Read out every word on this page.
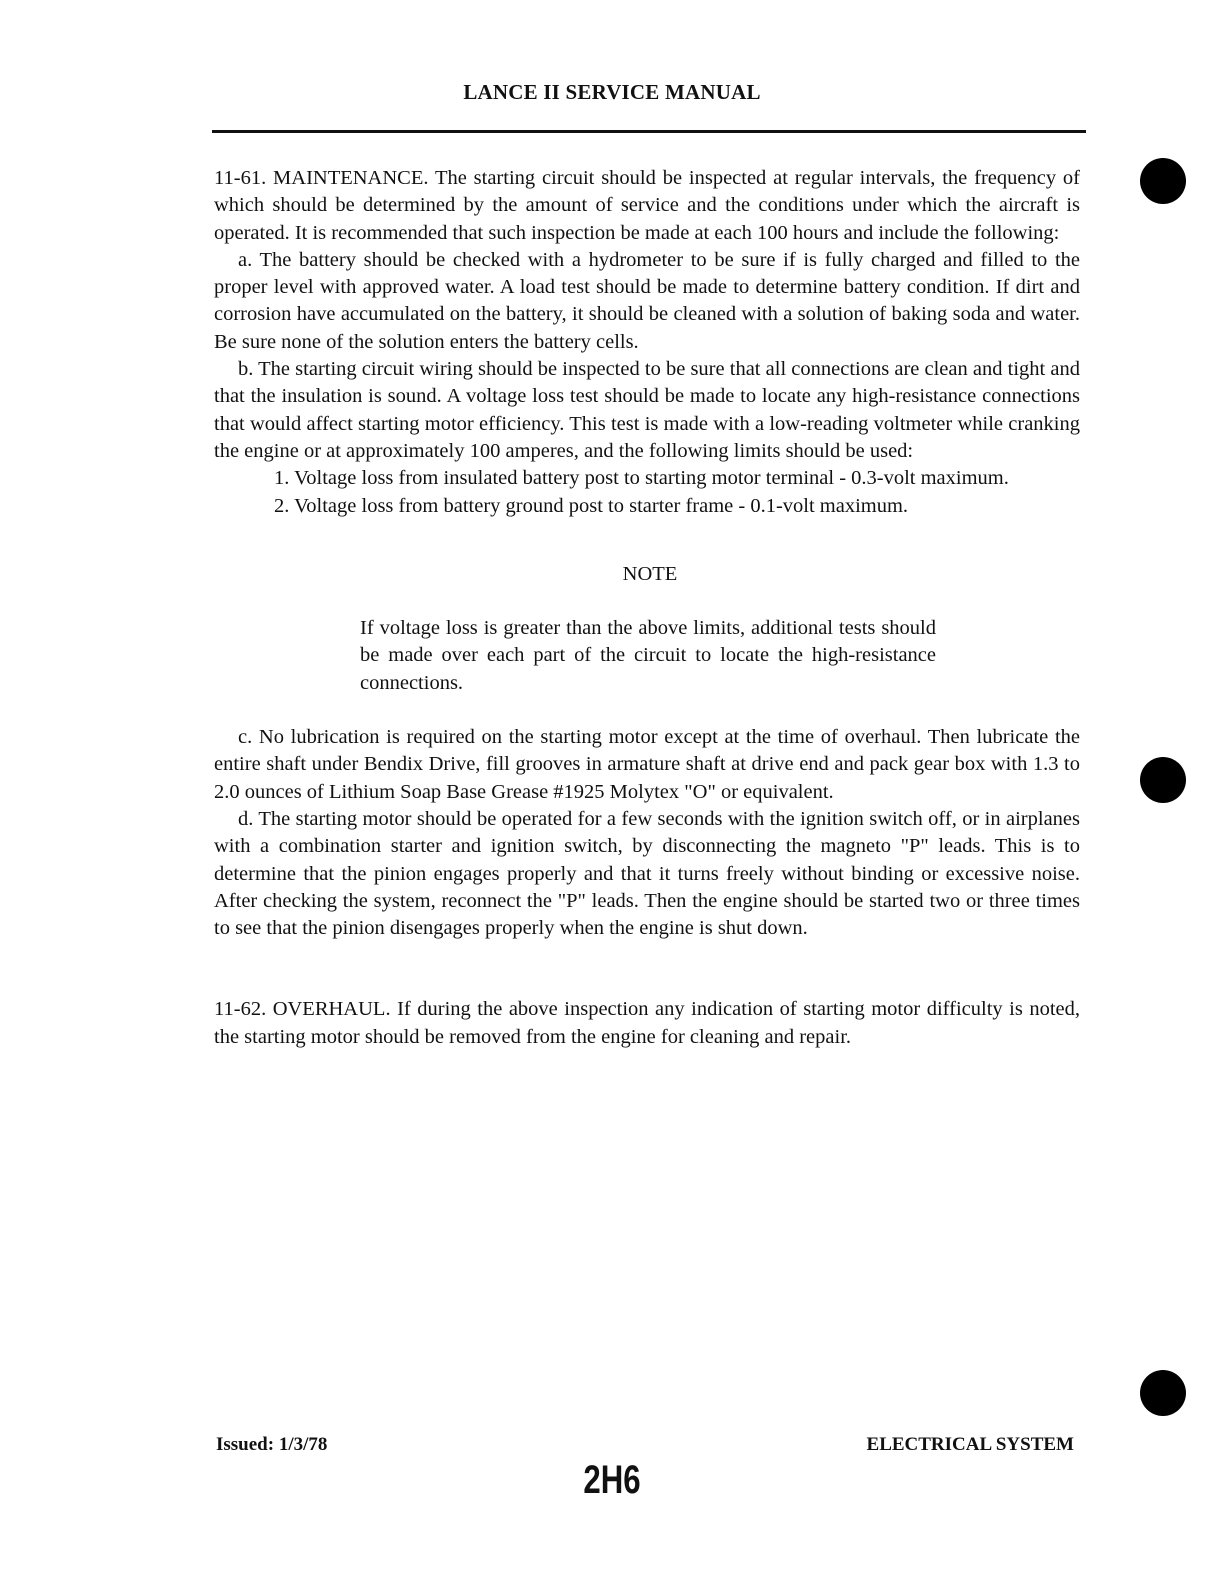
LANCE II SERVICE MANUAL

11-61. MAINTENANCE. The starting circuit should be inspected at regular intervals, the frequency of which should be determined by the amount of service and the conditions under which the aircraft is operated. It is recommended that such inspection be made at each 100 hours and include the following:

a. The battery should be checked with a hydrometer to be sure if is fully charged and filled to the proper level with approved water. A load test should be made to determine battery condition. If dirt and corrosion have accumulated on the battery, it should be cleaned with a solution of baking soda and water. Be sure none of the solution enters the battery cells.

b. The starting circuit wiring should be inspected to be sure that all connections are clean and tight and that the insulation is sound. A voltage loss test should be made to locate any high-resistance connections that would affect starting motor efficiency. This test is made with a low-reading voltmeter while cranking the engine or at approximately 100 amperes, and the following limits should be used:

1. Voltage loss from insulated battery post to starting motor terminal - 0.3-volt maximum.

2. Voltage loss from battery ground post to starter frame - 0.1-volt maximum.

NOTE

If voltage loss is greater than the above limits, additional tests should be made over each part of the circuit to locate the high-resistance connections.

c. No lubrication is required on the starting motor except at the time of overhaul. Then lubricate the entire shaft under Bendix Drive, fill grooves in armature shaft at drive end and pack gear box with 1.3 to 2.0 ounces of Lithium Soap Base Grease #1925 Molytex "O" or equivalent.

d. The starting motor should be operated for a few seconds with the ignition switch off, or in airplanes with a combination starter and ignition switch, by disconnecting the magneto "P" leads. This is to determine that the pinion engages properly and that it turns freely without binding or excessive noise. After checking the system, reconnect the "P" leads. Then the engine should be started two or three times to see that the pinion disengages properly when the engine is shut down.

11-62. OVERHAUL. If during the above inspection any indication of starting motor difficulty is noted, the starting motor should be removed from the engine for cleaning and repair.

Issued: 1/3/78	ELECTRICAL SYSTEM
2H6
